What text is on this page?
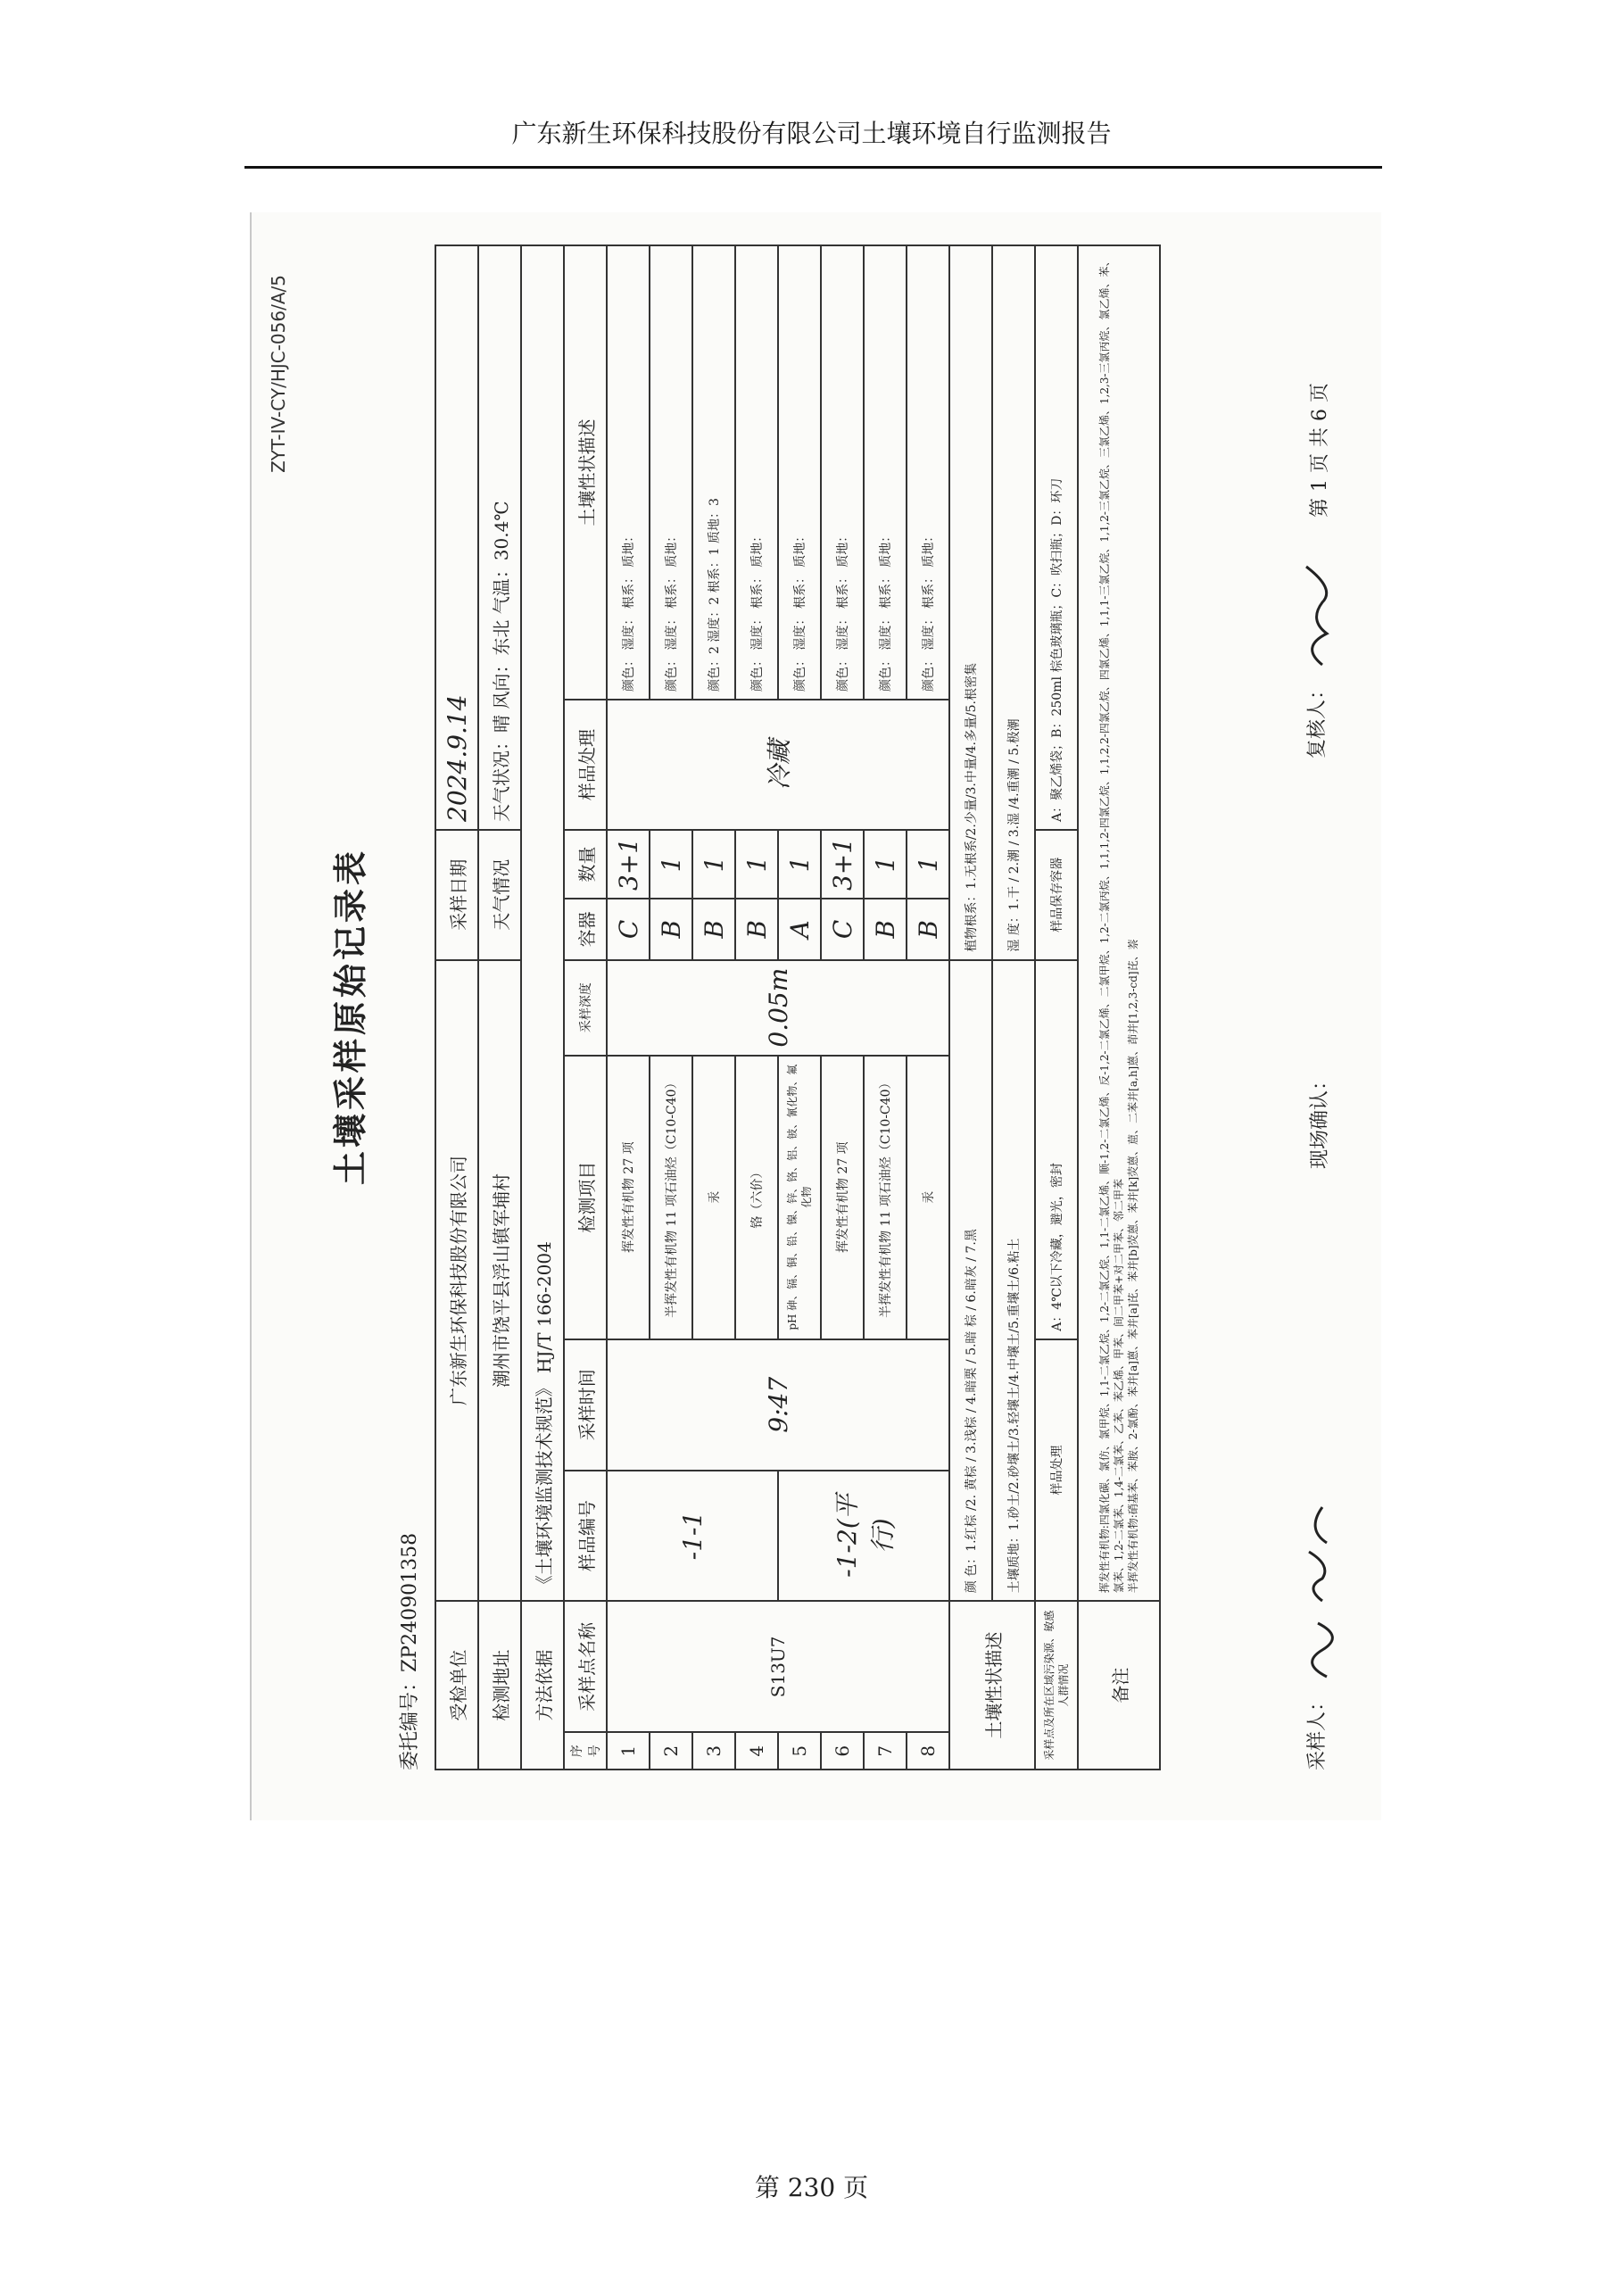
广东新生环保科技股份有限公司土壤环境自行监测报告
ZYT-IV-CY/HJC-056/A/5
土壤采样原始记录表
委托编号：ZP240901358
受检单位		广东新生环保科技股份有限公司				采样日期		2024.9.14	
检测地址		潮州市饶平县浮山镇军埔村				天气情况		天气状况：晴 风向：东北 气温：30.4℃	
方法依据		《土壤环境监测技术规范》 HJ/T 166-2004							
序号	采样点名称	样品编号	采样时间	检测项目	采样深度	容器	数量	样品处理	土壤性状描述
1	S13U7	-1-1	9:47	挥发性有机物 27 项	0.05m	C	3+1	冷藏	颜色： 湿度： 根系： 质地：
2				半挥发性有机物 11 项石油烃（C10-C40）		B	1		颜色： 湿度： 根系： 质地：
3				汞		B	1		颜色：2 湿度：2 根系：1 质地：3
4				铬（六价）		B	1		颜色： 湿度： 根系： 质地：
5		-1-2(平行)		pH 砷、镉、铜、铅、镍、锌、铬、铝、铍、氰化物、氟化物		A	1		颜色： 湿度： 根系： 质地：
6				挥发性有机物 27 项		C	3+1		颜色： 湿度： 根系： 质地：
7				半挥发性有机物 11 项石油烃（C10-C40）		B	1		颜色： 湿度： 根系： 质地：
8				汞		B	1		颜色： 湿度： 根系： 质地：
土壤性状描述		颜 色：1.红棕 /2. 黄棕 / 3.浅棕 / 4.暗栗 / 5.暗 棕 / 6.暗灰 / 7.黑				植物根系：1.无根系/2.少量/3.中量/4.多量/5.根密集			
		土壤质地：1.砂土/2.砂壤土/3.轻壤土/4.中壤土/5.重壤土/6.粘土				湿 度：1.干 / 2.潮 / 3.湿 /4.重潮 / 5.极潮			
采样点及所在区域污染源、敏感人群情况		样品处理		A：4℃以下冷藏，避光，密封		样品保存容器		A：聚乙烯袋；B：250ml 棕色玻璃瓶；C：吹扫瓶；D：环刀	
备注		挥发性有机物:四氯化碳、氯仿、氯甲烷、1,1-二氯乙烷、1,2-二氯乙烷、1,1-二氯乙烯、顺-1,2-二氯乙烯、反-1,2-二氯乙烯、二氯甲烷、1,2-二氯丙烷、1,1,1,2-四氯乙烷、1,1,2,2-四氯乙烷、四氯乙烯、1,1,1-三氯乙烷、1,1,2-三氯乙烷、三氯乙烯、1,2,3-三氯丙烷、氯乙烯、苯、氯苯、1,2-二氯苯、1,4-二氯苯、乙苯、苯乙烯、甲苯、间二甲苯+对二甲苯、邻二甲苯 半挥发性有机物:硝基苯、苯胺、2-氯酚、苯并[a]蒽、苯并[a]芘、苯并[b]荧蒽、苯并[k]荧蒽、䓛、二苯并[a,h]蒽、茚并[1,2,3-cd]芘、萘							
采样人：
现场确认：
复核人：
第 1 页 共 6 页
第 230 页
